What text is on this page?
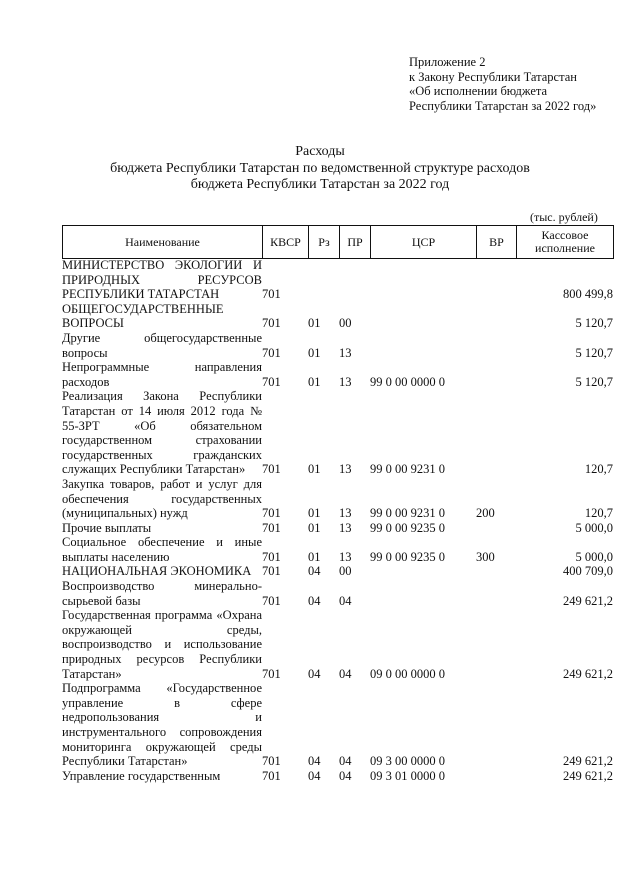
Приложение 2
к Закону Республики Татарстан
«Об исполнении бюджета
Республики Татарстан за 2022 год»
Расходы
бюджета Республики Татарстан по ведомственной структуре расходов
бюджета Республики Татарстан за 2022 год
(тыс. рублей)
Наименование	КВСР	Рз	ПР	ЦСР	ВР	Кассовое исполнение
МИНИСТЕРСТВО ЭКОЛОГИИ И ПРИРОДНЫХ РЕСУРСОВ РЕСПУБЛИКИ ТАТАРСТАН	701					800 499,8
ОБЩЕГОСУДАРСТВЕННЫЕ ВОПРОСЫ	701	01	00			5 120,7
Другие общегосударственные вопросы	701	01	13			5 120,7
Непрограммные направления расходов	701	01	13	99 0 00 0000 0		5 120,7
Реализация Закона Республики Татарстан от 14 июля 2012 года № 55-ЗРТ «Об обязательном государственном страховании государственных гражданских служащих Республики Татарстан»	701	01	13	99 0 00 9231 0		120,7
Закупка товаров, работ и услуг для обеспечения государственных (муниципальных) нужд	701	01	13	99 0 00 9231 0	200	120,7
Прочие выплаты	701	01	13	99 0 00 9235 0		5 000,0
Социальное обеспечение и иные выплаты населению	701	01	13	99 0 00 9235 0	300	5 000,0
НАЦИОНАЛЬНАЯ ЭКОНОМИКА	701	04	00			400 709,0
Воспроизводство минерально-сырьевой базы	701	04	04			249 621,2
Государственная программа «Охрана окружающей среды, воспроизводство и использование природных ресурсов Республики Татарстан»	701	04	04	09 0 00 0000 0		249 621,2
Подпрограмма «Государственное управление в сфере недропользования и инструментального сопровождения мониторинга окружающей среды Республики Татарстан»	701	04	04	09 3 00 0000 0		249 621,2
Управление государственным	701	04	04	09 3 01 0000 0		249 621,2
